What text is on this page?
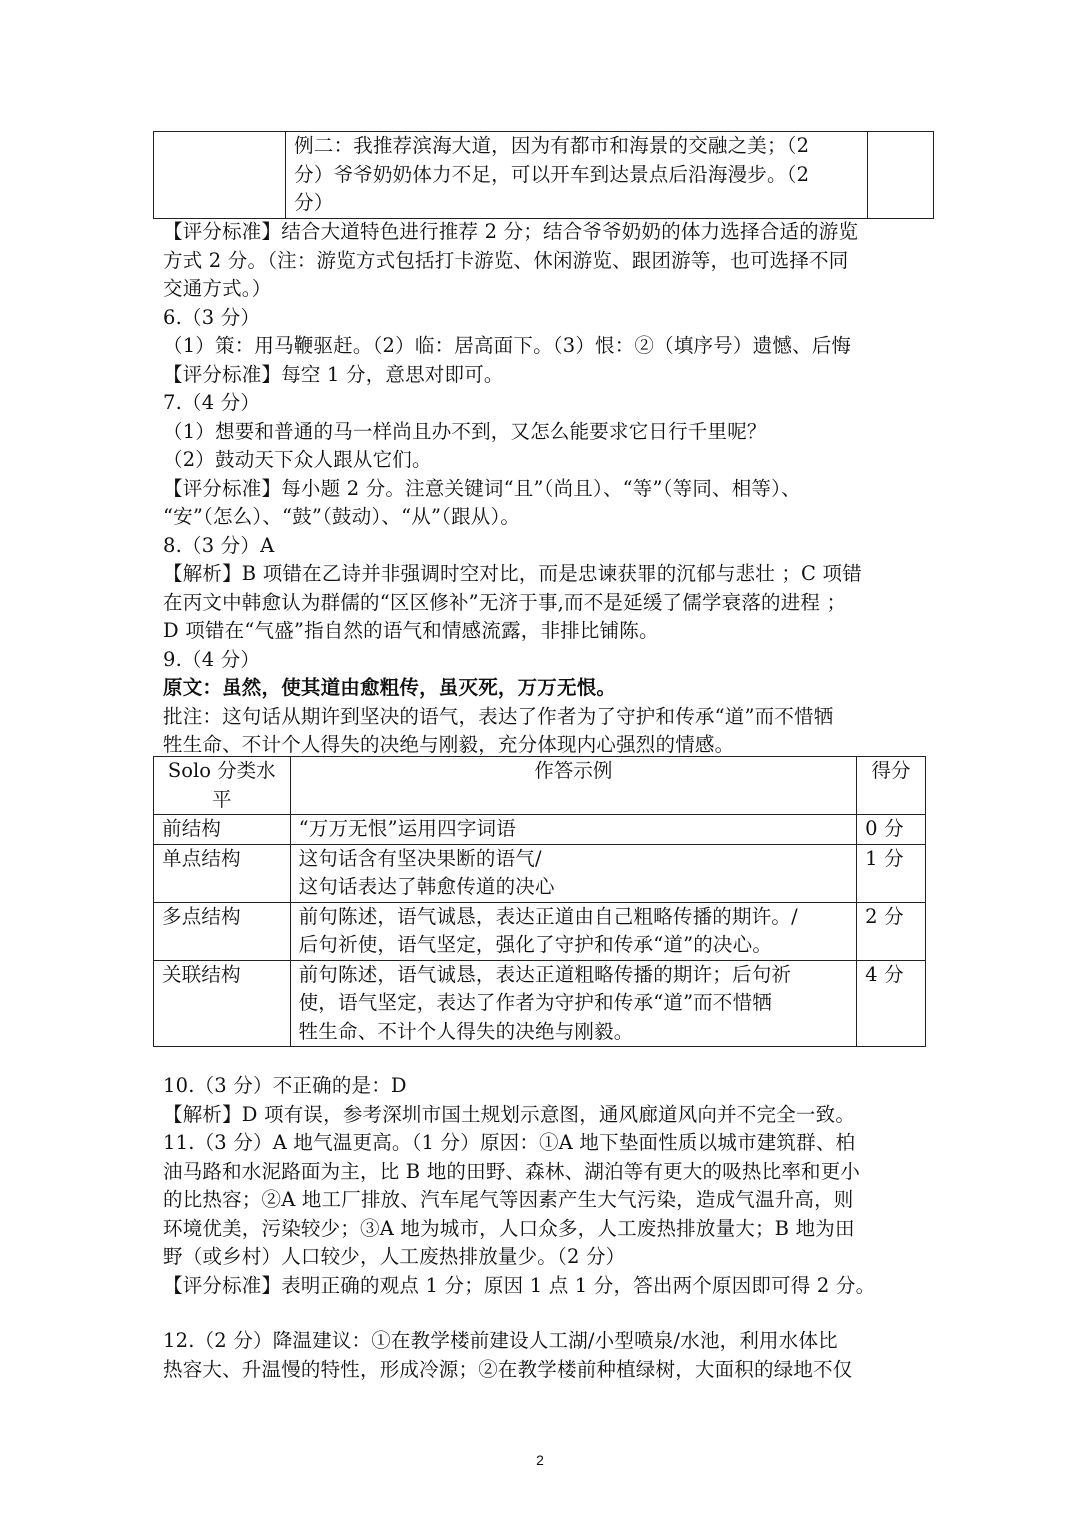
例二：我推荐滨海大道，因为有都市和海景的交融之美；（2
分）爷爷奶奶体力不足，可以开车到达景点后沿海漫步。（2
分）

【评分标准】结合大道特色进行推荐 2 分；结合爷爷奶奶的体力选择合适的游览
方式 2 分。（注：游览方式包括打卡游览、休闲游览、跟团游等，也可选择不同
交通方式。）
6.（3 分）
（1）策：用马鞭驱赶。（2）临：居高面下。（3）恨：②（填序号）遗憾、后悔
【评分标准】每空 1 分，意思对即可。
7.（4 分）
（1）想要和普通的马一样尚且办不到，又怎么能要求它日行千里呢？
（2）鼓动天下众人跟从它们。
【评分标准】每小题 2 分。注意关键词“且”（尚且）、“等”（等同、相等）、
“安”（怎么）、“鼓”（鼓动）、“从”（跟从）。
8.（3 分）A
【解析】B 项错在乙诗并非强调时空对比，而是忠谏获罪的沉郁与悲壮 ；C 项错
在丙文中韩愈认为群儒的“区区修补”无济于事,而不是延缓了儒学衰落的进程 ；
D 项错在“气盛”指自然的语气和情感流露，非排比铺陈。
9.（4 分）
原文：虽然，使其道由愈粗传，虽灭死，万万无恨。
批注：这句话从期许到坚决的语气，表达了作者为了守护和传承“道”而不惜牺
牲生命、不计个人得失的决绝与刚毅，充分体现内心强烈的情感。
Solo 分类水平	作答示例	得分

前结构	“万万无恨”运用四字词语	0 分

单点结构	这句话含有坚决果断的语气/
这句话表达了韩愈传道的决心	1 分

多点结构	前句陈述，语气诚恳，表达正道由自己粗略传播的期许。/
后句祈使，语气坚定，强化了守护和传承“道”的决心。	2 分

关联结构	前句陈述，语气诚恳，表达正道粗略传播的期许；后句祈
使，语气坚定，表达了作者为守护和传承“道”而不惜牺
牲生命、不计个人得失的决绝与刚毅。	4 分
10.（3 分）不正确的是：D
【解析】D 项有误，参考深圳市国土规划示意图，通风廊道风向并不完全一致。
11.（3 分）A 地气温更高。（1 分）原因：①A 地下垫面性质以城市建筑群、柏
油马路和水泥路面为主，比 B 地的田野、森林、湖泊等有更大的吸热比率和更小
的比热容；②A 地工厂排放、汽车尾气等因素产生大气污染，造成气温升高，则
环境优美，污染较少；③A 地为城市，人口众多，人工废热排放量大；B 地为田
野（或乡村）人口较少，人工废热排放量少。（2 分）
【评分标准】表明正确的观点 1 分；原因 1 点 1 分，答出两个原因即可得 2 分。
12.（2 分）降温建议：①在教学楼前建设人工湖/小型喷泉/水池，利用水体比
热容大、升温慢的特性，形成冷源；②在教学楼前种植绿树，大面积的绿地不仅
2
